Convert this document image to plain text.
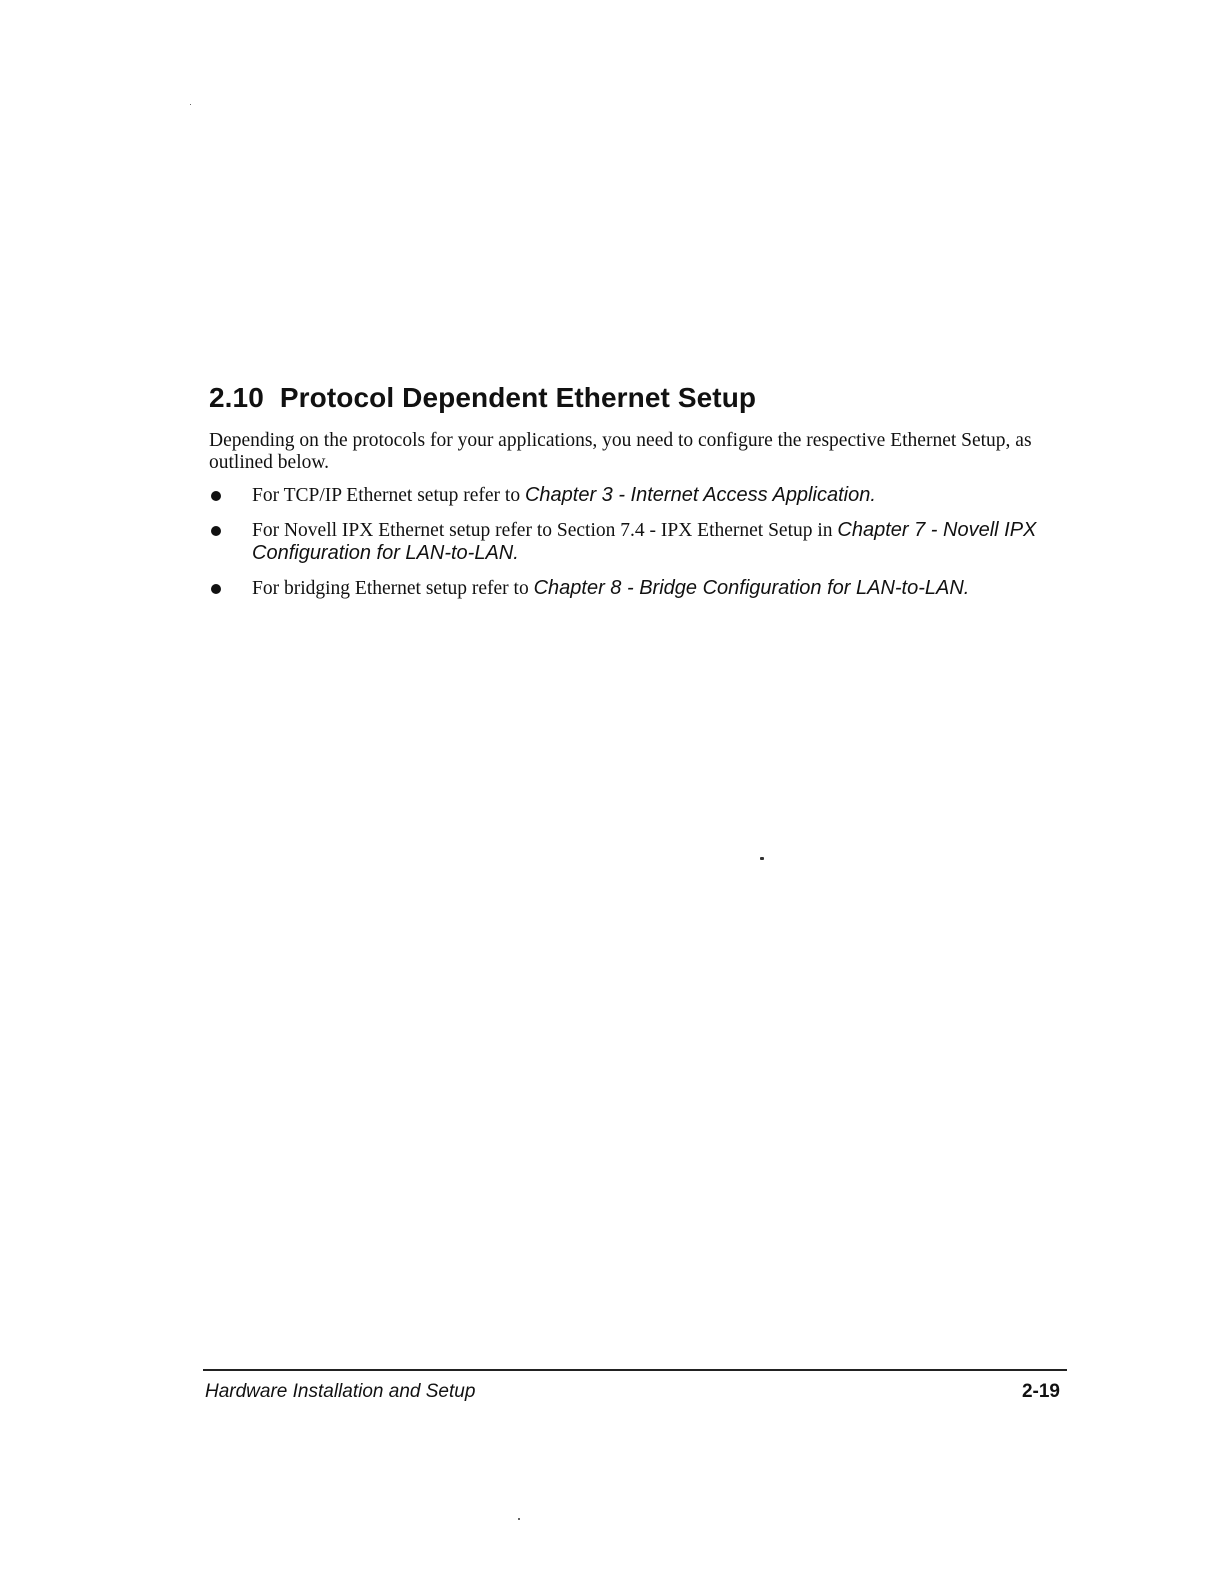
2.10 Protocol Dependent Ethernet Setup

Depending on the protocols for your applications, you need to configure the respective Ethernet Setup, as outlined below.

For TCP/IP Ethernet setup refer to Chapter 3 - Internet Access Application.
For Novell IPX Ethernet setup refer to Section 7.4 - IPX Ethernet Setup in Chapter 7 - Novell IPX Configuration for LAN-to-LAN.
For bridging Ethernet setup refer to Chapter 8 - Bridge Configuration for LAN-to-LAN.
Hardware Installation and Setup	2-19
